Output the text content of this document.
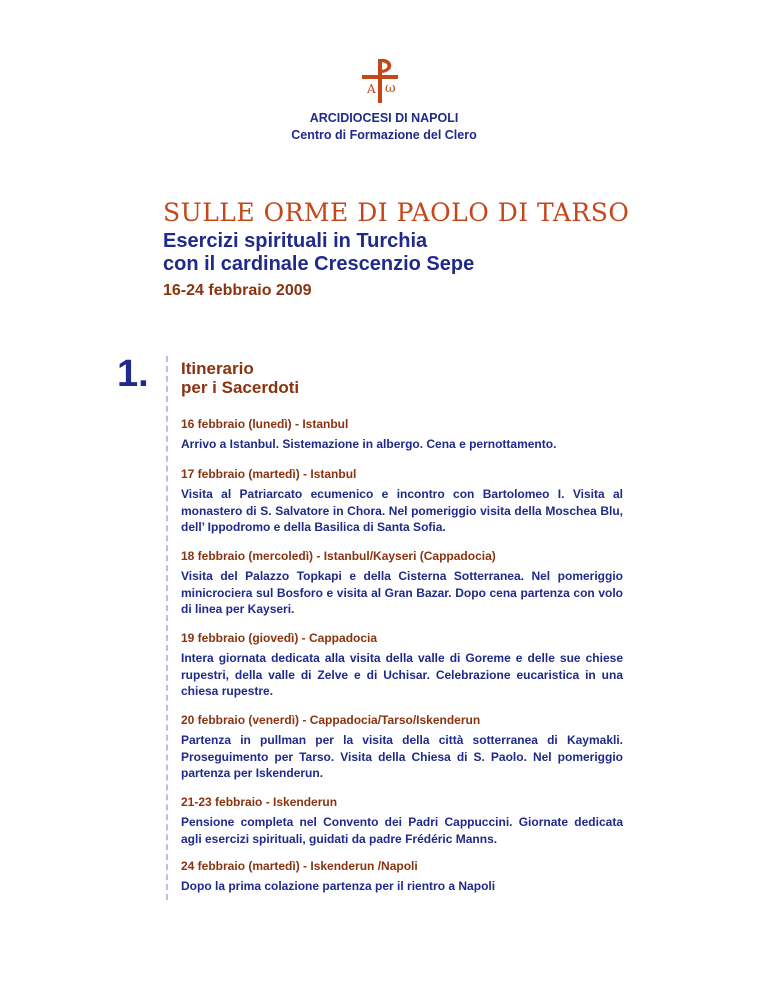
A ω
ARCIDIOCESI DI NAPOLI
Centro di Formazione del Clero
SULLE ORME DI PAOLO DI TARSO
Esercizi spirituali in Turchia
con il cardinale Crescenzio Sepe
16-24 febbraio 2009
1. Itinerario
per i Sacerdoti
16 febbraio (lunedì) - Istanbul
Arrivo a Istanbul. Sistemazione in albergo. Cena e pernottamento.
17 febbraio (martedì) - Istanbul
Visita al Patriarcato ecumenico e incontro con Bartolomeo I. Visita al monastero di S. Salvatore in Chora. Nel pomeriggio visita della Moschea Blu, dell’ Ippodromo e della Basilica di Santa Sofia.
18 febbraio (mercoledì) - Istanbul/Kayseri (Cappadocia)
Visita del Palazzo Topkapi e della Cisterna Sotterranea. Nel pomeriggio minicrociera sul Bosforo e visita al Gran Bazar. Dopo cena partenza con volo di linea per Kayseri.
19 febbraio (giovedì) - Cappadocia
Intera giornata dedicata alla visita della valle di Goreme e delle sue chiese rupestri, della valle di Zelve e di Uchisar. Celebrazione eucaristica in una chiesa rupestre.
20 febbraio (venerdì) - Cappadocia/Tarso/Iskenderun
Partenza in pullman per la visita della città sotterranea di Kaymakli. Proseguimento per Tarso. Visita della Chiesa di S. Paolo. Nel pomeriggio partenza per Iskenderun.
21-23 febbraio - Iskenderun
Pensione completa nel Convento dei Padri Cappuccini. Giornate dedicata agli esercizi spirituali, guidati da padre Frédéric Manns.
24 febbraio (martedì) - Iskenderun /Napoli
Dopo la prima colazione partenza per il rientro a Napoli
